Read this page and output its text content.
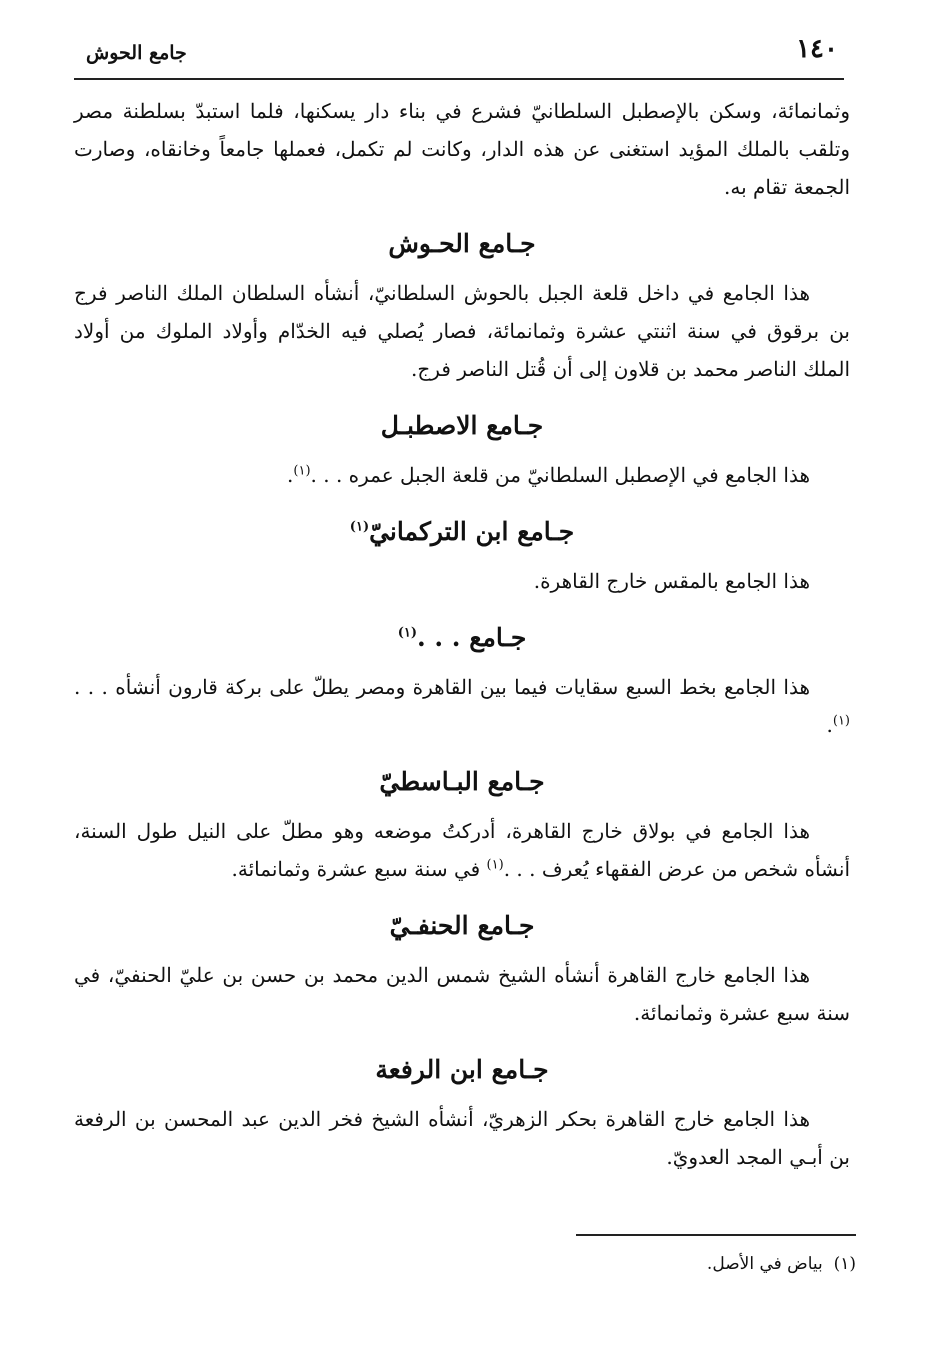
١٤٠
جامع الحوش

وثمانمائة، وسكن بالإصطبل السلطانيّ فشرع في بناء دار يسكنها، فلما استبدّ بسلطنة مصر وتلقب بالملك المؤيد استغنى عن هذه الدار، وكانت لم تكمل، فعملها جامعاً وخانقاه، وصارت الجمعة تقام به.

جـامع الحـوش

هذا الجامع في داخل قلعة الجبل بالحوش السلطانيّ، أنشأه السلطان الملك الناصر فرج بن برقوق في سنة اثنتي عشرة وثمانمائة، فصار يُصلي فيه الخدّام وأولاد الملوك من أولاد الملك الناصر محمد بن قلاون إلى أن قُتل الناصر فرج.

جـامع الاصطبـل

هذا الجامع في الإصطبل السلطانيّ من قلعة الجبل عمره . . .$^{(١)}$.

جـامع ابن التركمانيّ$^{(١)}$

هذا الجامع بالمقس خارج القاهرة.

جـامع . . .$^{(١)}$

هذا الجامع بخط السبع سقايات فيما بين القاهرة ومصر يطلّ على بركة قارون أنشأه . . .$^{(١)}$.

جـامع البـاسطيّ

هذا الجامع في بولاق خارج القاهرة، أدركتُ موضعه وهو مطلّ على النيل طول السنة، أنشأه شخص من عرض الفقهاء يُعرف . . .$^{(١)}$ في سنة سبع عشرة وثمانمائة.

جـامع الحنفـيّ

هذا الجامع خارج القاهرة أنشأه الشيخ شمس الدين محمد بن حسن بن عليّ الحنفيّ، في سنة سبع عشرة وثمانمائة.

جـامع ابن الرفعة

هذا الجامع خارج القاهرة بحكر الزهريّ، أنشأه الشيخ فخر الدين عبد المحسن بن الرفعة بن أبـي المجد العدويّ.

(١)  بياض في الأصل.
